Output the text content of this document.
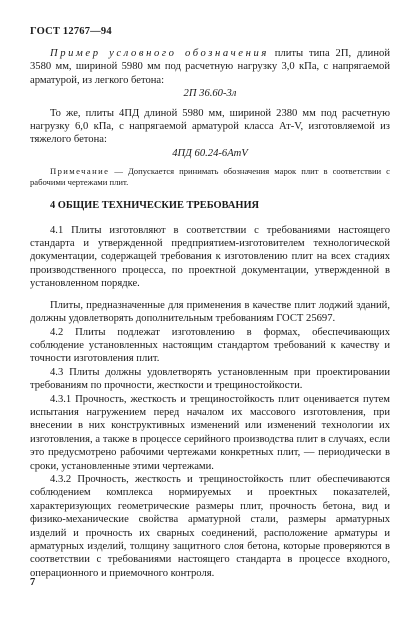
ГОСТ 12767—94

Пример условного обозначения плиты типа 2П, длиной 3580 мм, шириной 5980 мм под расчетную нагрузку 3,0 кПа, с напрягаемой арматурой, из легкого бетона:

2П 36.60-3л

То же, плиты 4ПД длиной 5980 мм, шириной 2380 мм под расчетную нагрузку 6,0 кПа, с напрягаемой арматурой класса Ат-V, изготовляемой из тяжелого бетона:

4ПД 60.24-6АтV

Примечание — Допускается принимать обозначения марок плит в соответствии с рабочими чертежами плит.

4 ОБЩИЕ ТЕХНИЧЕСКИЕ ТРЕБОВАНИЯ

4.1 Плиты изготовляют в соответствии с требованиями настоящего стандарта и утвержденной предприятием-изготовителем технологической документации, содержащей требования к изготовлению плит на всех стадиях производственного процесса, по проектной документации, утвержденной в установленном порядке.

Плиты, предназначенные для применения в качестве плит лоджий зданий, должны удовлетворять дополнительным требованиям ГОСТ 25697.

4.2 Плиты подлежат изготовлению в формах, обеспечивающих соблюдение установленных настоящим стандартом требований к качеству и точности изготовления плит.

4.3 Плиты должны удовлетворять установленным при проектировании требованиям по прочности, жесткости и трещиностойкости.

4.3.1 Прочность, жесткость и трещиностойкость плит оценивается путем испытания нагружением перед началом их массового изготовления, при внесении в них конструктивных изменений или изменений технологии их изготовления, а также в процессе серийного производства плит в случаях, если это предусмотрено рабочими чертежами конкретных плит, — периодически в сроки, установленные этими чертежами.

4.3.2 Прочность, жесткость и трещиностойкость плит обеспечиваются соблюдением комплекса нормируемых и проектных показателей, характеризующих геометрические размеры плит, прочность бетона, вид и физико-механические свойства арматурной стали, размеры арматурных изделий и прочность их сварных соединений, расположение арматуры и арматурных изделий, толщину защитного слоя бетона, которые проверяются в соответствии с требованиями настоящего стандарта в процессе входного, операционного и приемочного контроля.

7
